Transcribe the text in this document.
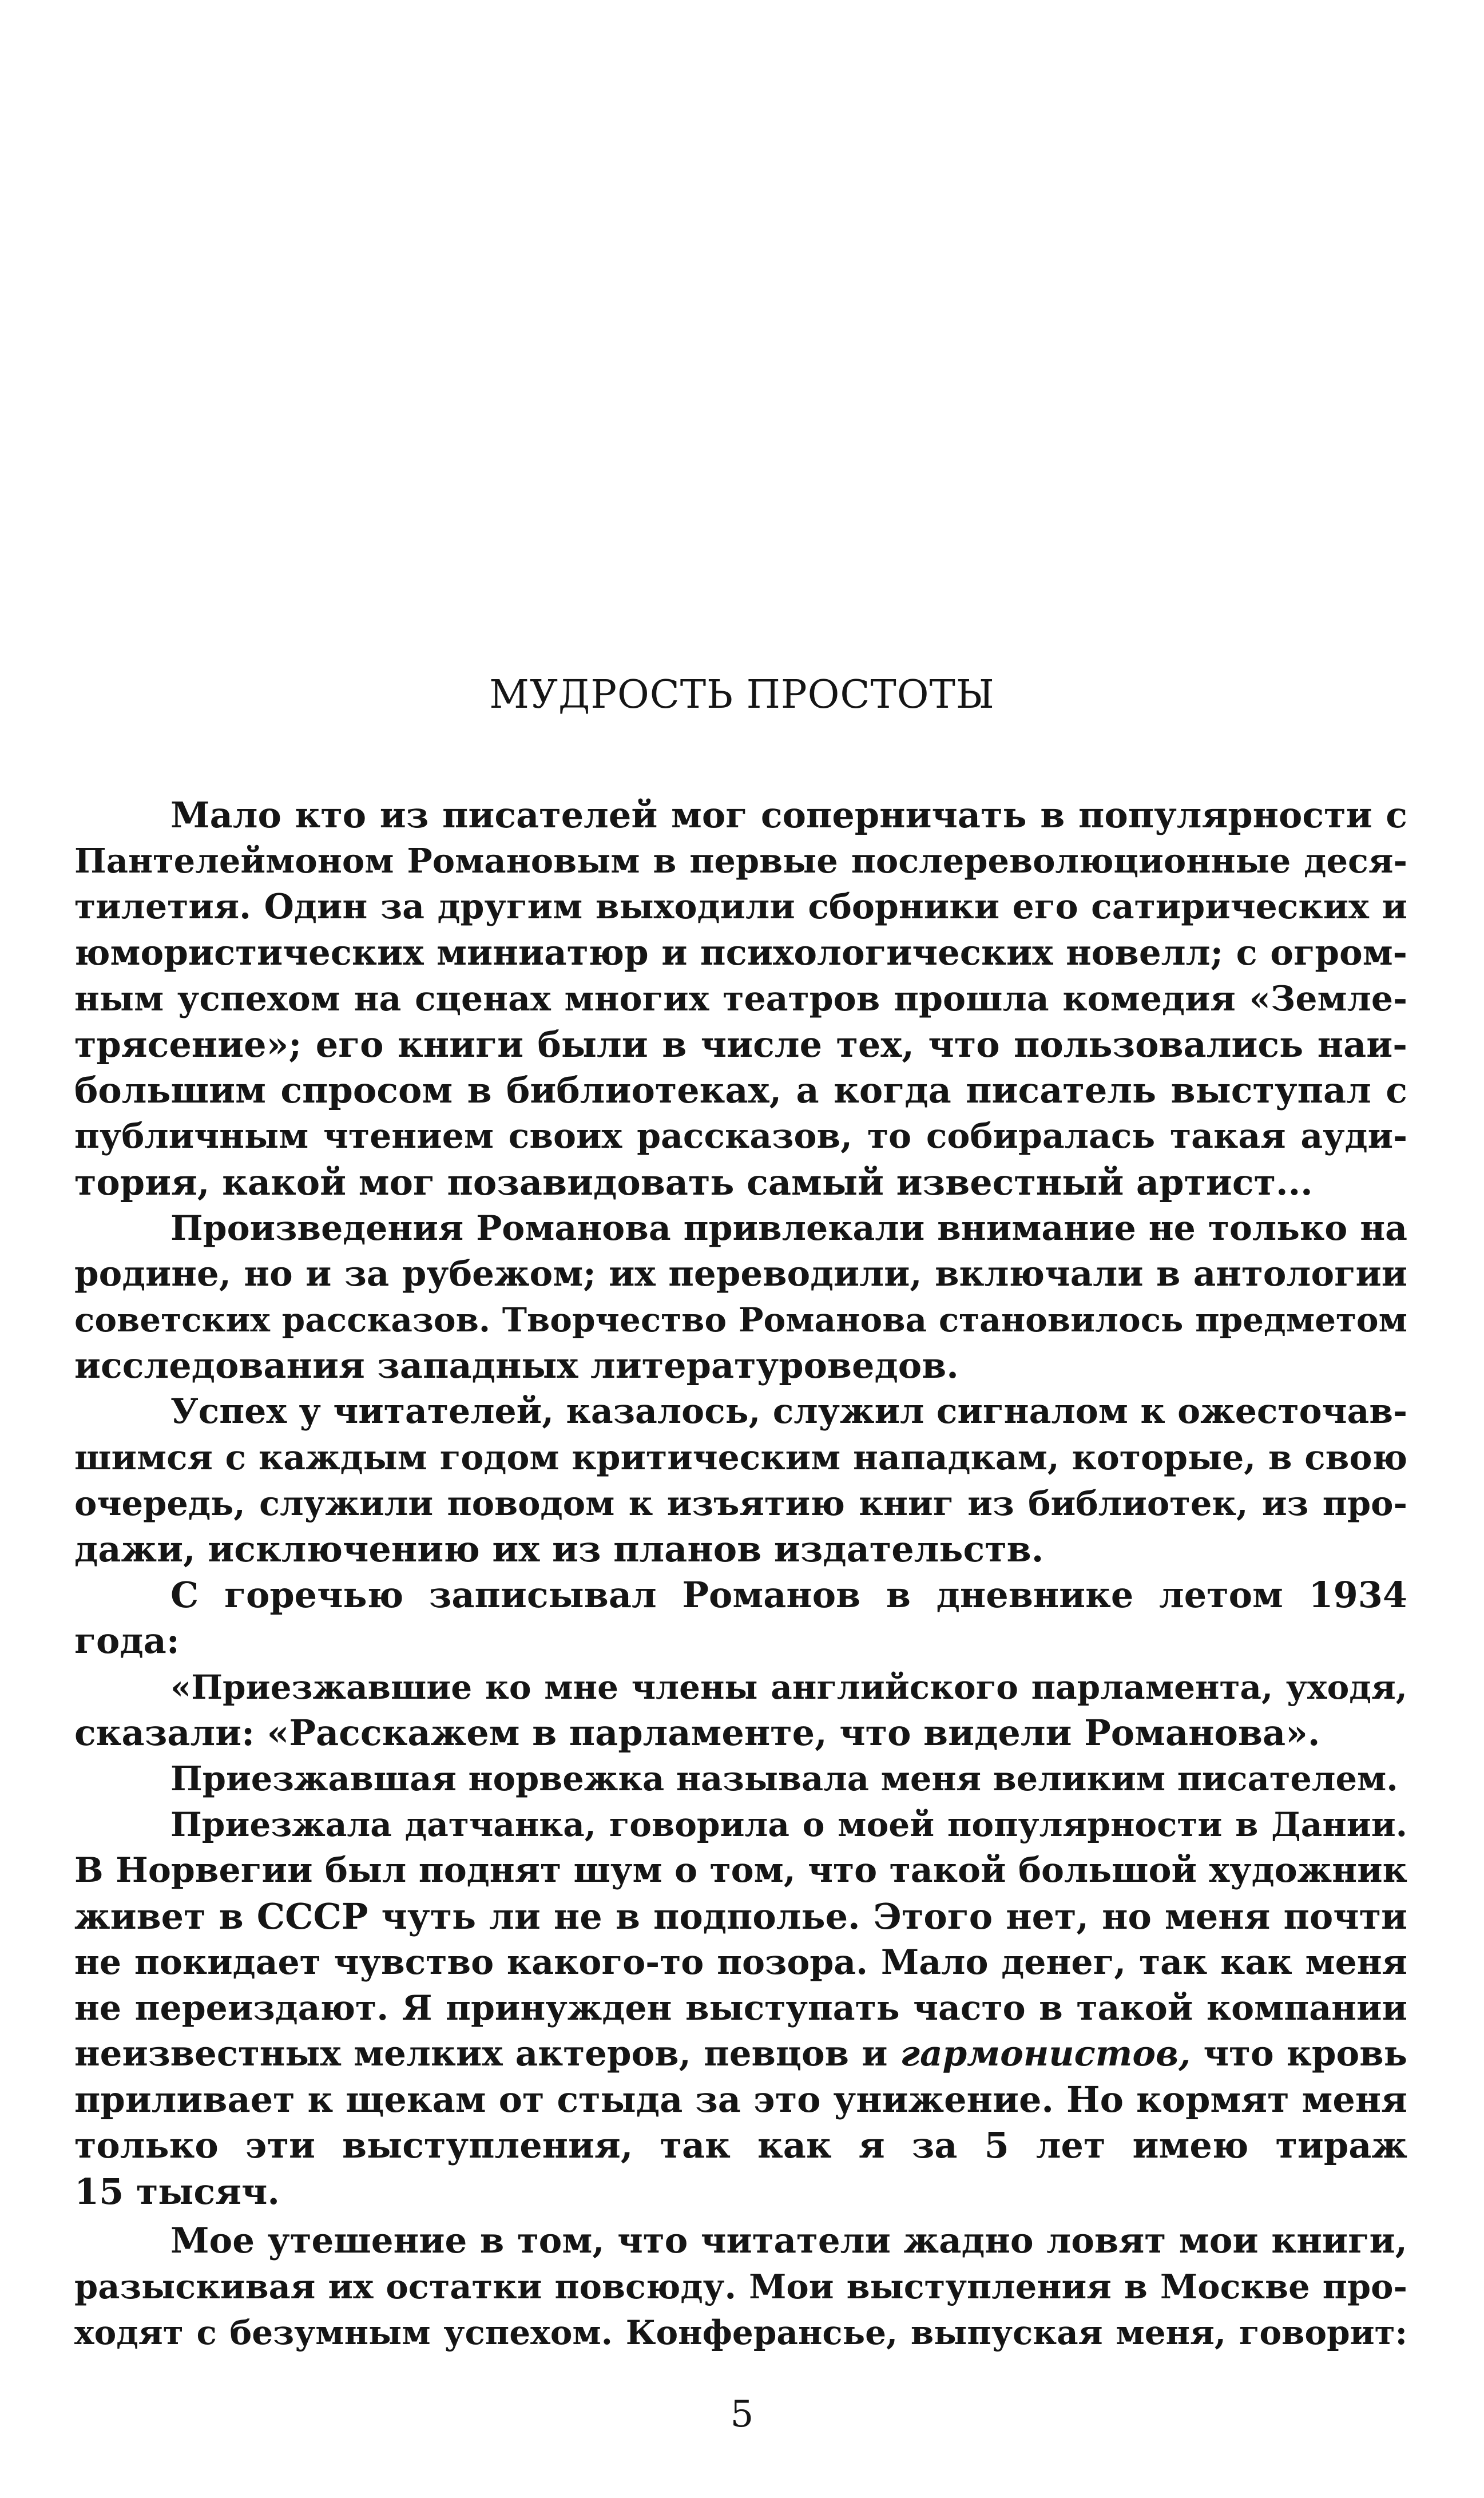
МУДРОСТЬ ПРОСТОТЫ
Мало кто из писателей мог соперничать в популярности с
Пантелеймоном Романовым в первые послереволюционные деся-
тилетия. Один за другим выходили сборники его сатирических и
юмористических миниатюр и психологических новелл; с огром-
ным успехом на сценах многих театров прошла комедия «Земле-
трясение»; его книги были в числе тех, что пользовались наи-
большим спросом в библиотеках, а когда писатель выступал с
публичным чтением своих рассказов, то собиралась такая ауди-
тория, какой мог позавидовать самый известный артист...
Произведения Романова привлекали внимание не только на
родине, но и за рубежом; их переводили, включали в антологии
советских рассказов. Творчество Романова становилось предметом
исследования западных литературоведов.
Успех у читателей, казалось, служил сигналом к ожесточав-
шимся с каждым годом критическим нападкам, которые, в свою
очередь, служили поводом к изъятию книг из библиотек, из про-
дажи, исключению их из планов издательств.
С горечью записывал Романов в дневнике летом 1934
года:
«Приезжавшие ко мне члены английского парламента, уходя,
сказали: «Расскажем в парламенте, что видели Романова».
Приезжавшая норвежка называла меня великим писателем.
Приезжала датчанка, говорила о моей популярности в Дании.
В Норвегии был поднят шум о том, что такой большой художник
живет в СССР чуть ли не в подполье. Этого нет, но меня почти
не покидает чувство какого-то позора. Мало денег, так как меня
не переиздают. Я принужден выступать часто в такой компании
неизвестных мелких актеров, певцов и гармонистов, что кровь
приливает к щекам от стыда за это унижение. Но кормят меня
только эти выступления, так как я за 5 лет имею тираж
15 тысяч.
Мое утешение в том, что читатели жадно ловят мои книги,
разыскивая их остатки повсюду. Мои выступления в Москве про-
ходят с безумным успехом. Конферансье, выпуская меня, говорит:
5
